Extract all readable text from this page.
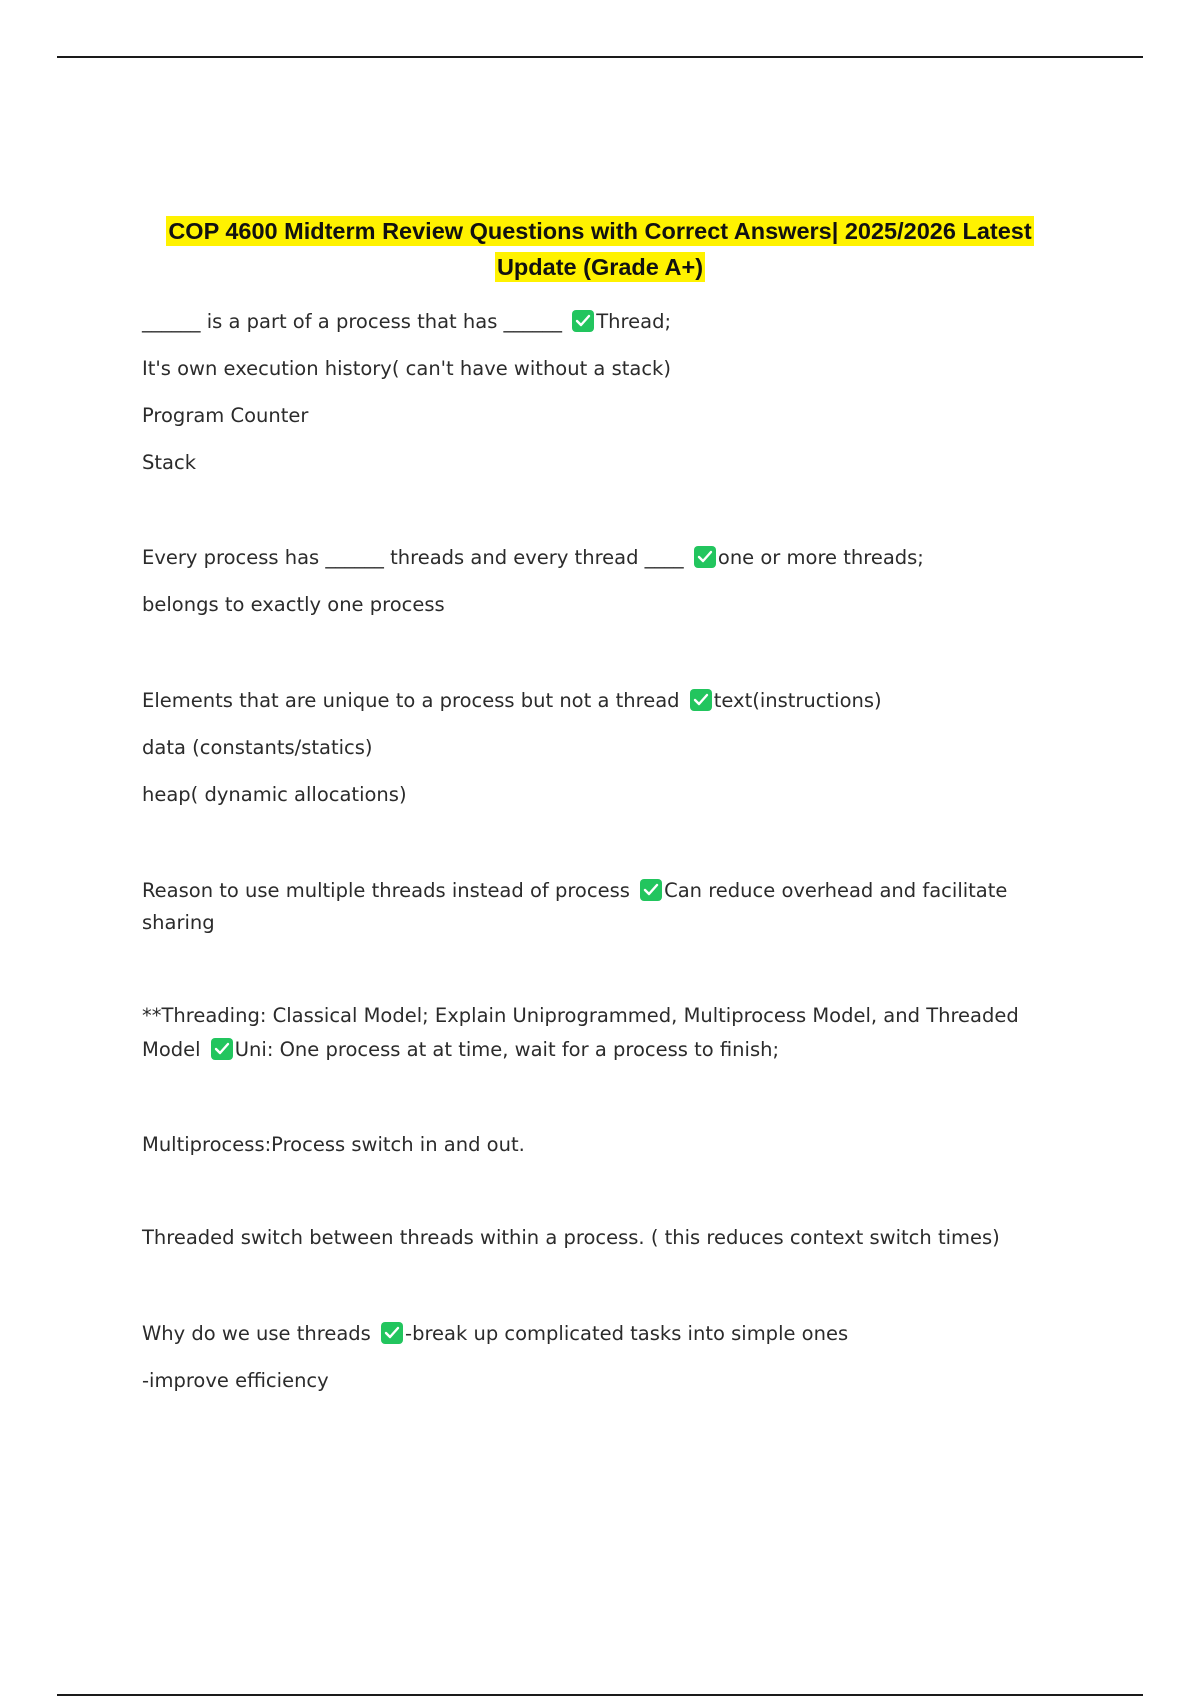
COP 4600 Midterm Review Questions with Correct Answers| 2025/2026 Latest
Update (Grade A+)
______ is a part of a process that has ______ Thread;
It's own execution history( can't have without a stack)
Program Counter
Stack
Every process has ______ threads and every thread ____ one or more threads;
belongs to exactly one process
Elements that are unique to a process but not a thread text(instructions)
data (constants/statics)
heap( dynamic allocations)
Reason to use multiple threads instead of process Can reduce overhead and facilitate
sharing
**Threading: Classical Model; Explain Uniprogrammed, Multiprocess Model, and Threaded
Model Uni: One process at at time, wait for a process to finish;
Multiprocess:Process switch in and out.
Threaded switch between threads within a process. ( this reduces context switch times)
Why do we use threads -break up complicated tasks into simple ones
-improve efficiency
